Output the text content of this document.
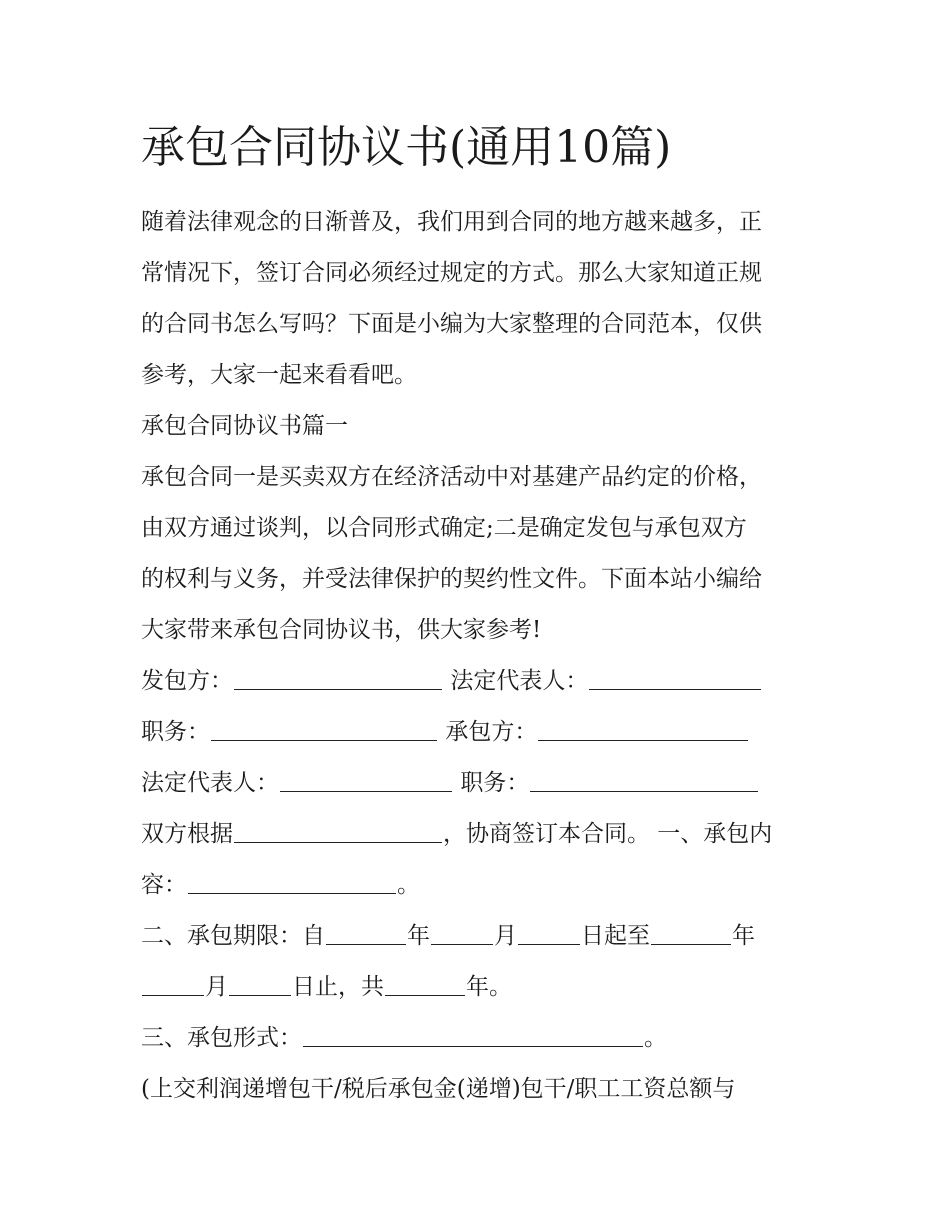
承包合同协议书(通用10篇)
随着法律观念的日渐普及，我们用到合同的地方越来越多，正
常情况下，签订合同必须经过规定的方式。那么大家知道正规
的合同书怎么写吗？下面是小编为大家整理的合同范本，仅供
参考，大家一起来看看吧。
承包合同协议书篇一
承包合同一是买卖双方在经济活动中对基建产品约定的价格，
由双方通过谈判，以合同形式确定;二是确定发包与承包双方
的权利与义务，并受法律保护的契约性文件。下面本站小编给
大家带来承包合同协议书，供大家参考!
发包方：	法定代表人：
职务：	承包方：
法定代表人：	职务：
双方根据	，协商签订本合同。 一、承包内
容：	。
二、承包期限：自	年	月	日起至	年
月	日止，共	年。
三、承包形式：	。
(上交利润递增包干/税后承包金(递增)包干/职工工资总额与
